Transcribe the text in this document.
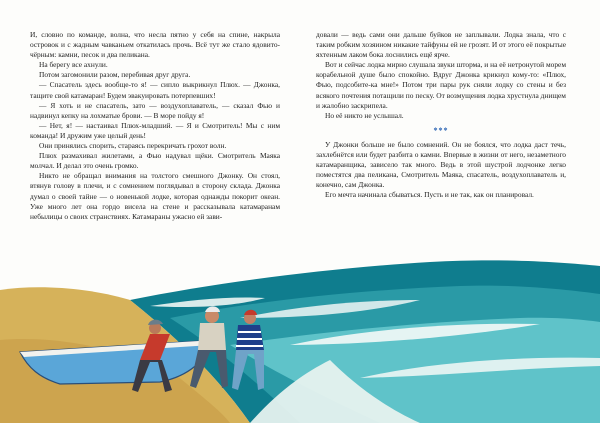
И, словно по команде, волна, что несла пятно у себя на спине, накрыла островок и с жадным чавканьем откатилась прочь. Всё тут же стало ядовито-чёрным: камни, песок и два пеликана.

На берегу все ахнули.

Потом загомонили разом, перебивая друг друга.

— Спасатель здесь вообще-то я! — сипло выкрикнул Плюх. — Джонка, тащите свой катамаран! Будем эвакуировать потерпевших!

— Я хоть и не спасатель, зато — воздухоплаватель, — сказал Фью и надвинул кепку на лохматые брови. — В море пойду я!

— Нет, я! — настаивал Плюх-младший. — Я и Смотритель! Мы с ним команда! И дружим уже целый день!

Они принялись спорить, стараясь перекричать грохот волн.

Плюх размахивал жилетами, а Фью надувал щёки. Смотритель Маяка молчал. И делал это очень громко.

Никто не обращал внимания на толстого смешного Джонку. Он стоял, втянув голову в плечи, и с сомнением поглядывал в сторону склада. Джонка думал о своей тайне — о новенькой лодке, которая однажды покорит океан. Уже много лет она гордо висела на стене и рассказывала катамаранам небылицы о своих странствиях. Катамараны ужасно ей зави-

довали — ведь сами они дальше буйков не заплывали. Лодка знала, что с таким робким хозяином никакие тайфуны ей не грозят. И от этого её покрытые яхтенным лаком бока лоснились ещё ярче.

Вот и сейчас лодка мирно слушала звуки шторма, и на её нетронутой морем корабельной душе было спокойно. Вдруг Джонка крикнул кому-то: «Плюх, Фью, подсобите-ка мне!» Потом три пары рук сняли лодку со стены и без всякого почтения потащили по песку. От возмущения лодка хрустнула днищем и жалобно заскрипела.

Но её никто не услышал.

***

У Джонки больше не было сомнений. Он не боялся, что лодка даст течь, захлебнётся или будет разбита о камни. Впервые в жизни от него, незаметного катамаранщика, зависело так много. Ведь в этой шустрой лодчонке легко поместятся два пеликана, Смотритель Маяка, спасатель, воздухоплаватель и, конечно, сам Джонка.

Его мечта начинала сбываться. Пусть и не так, как он планировал.
